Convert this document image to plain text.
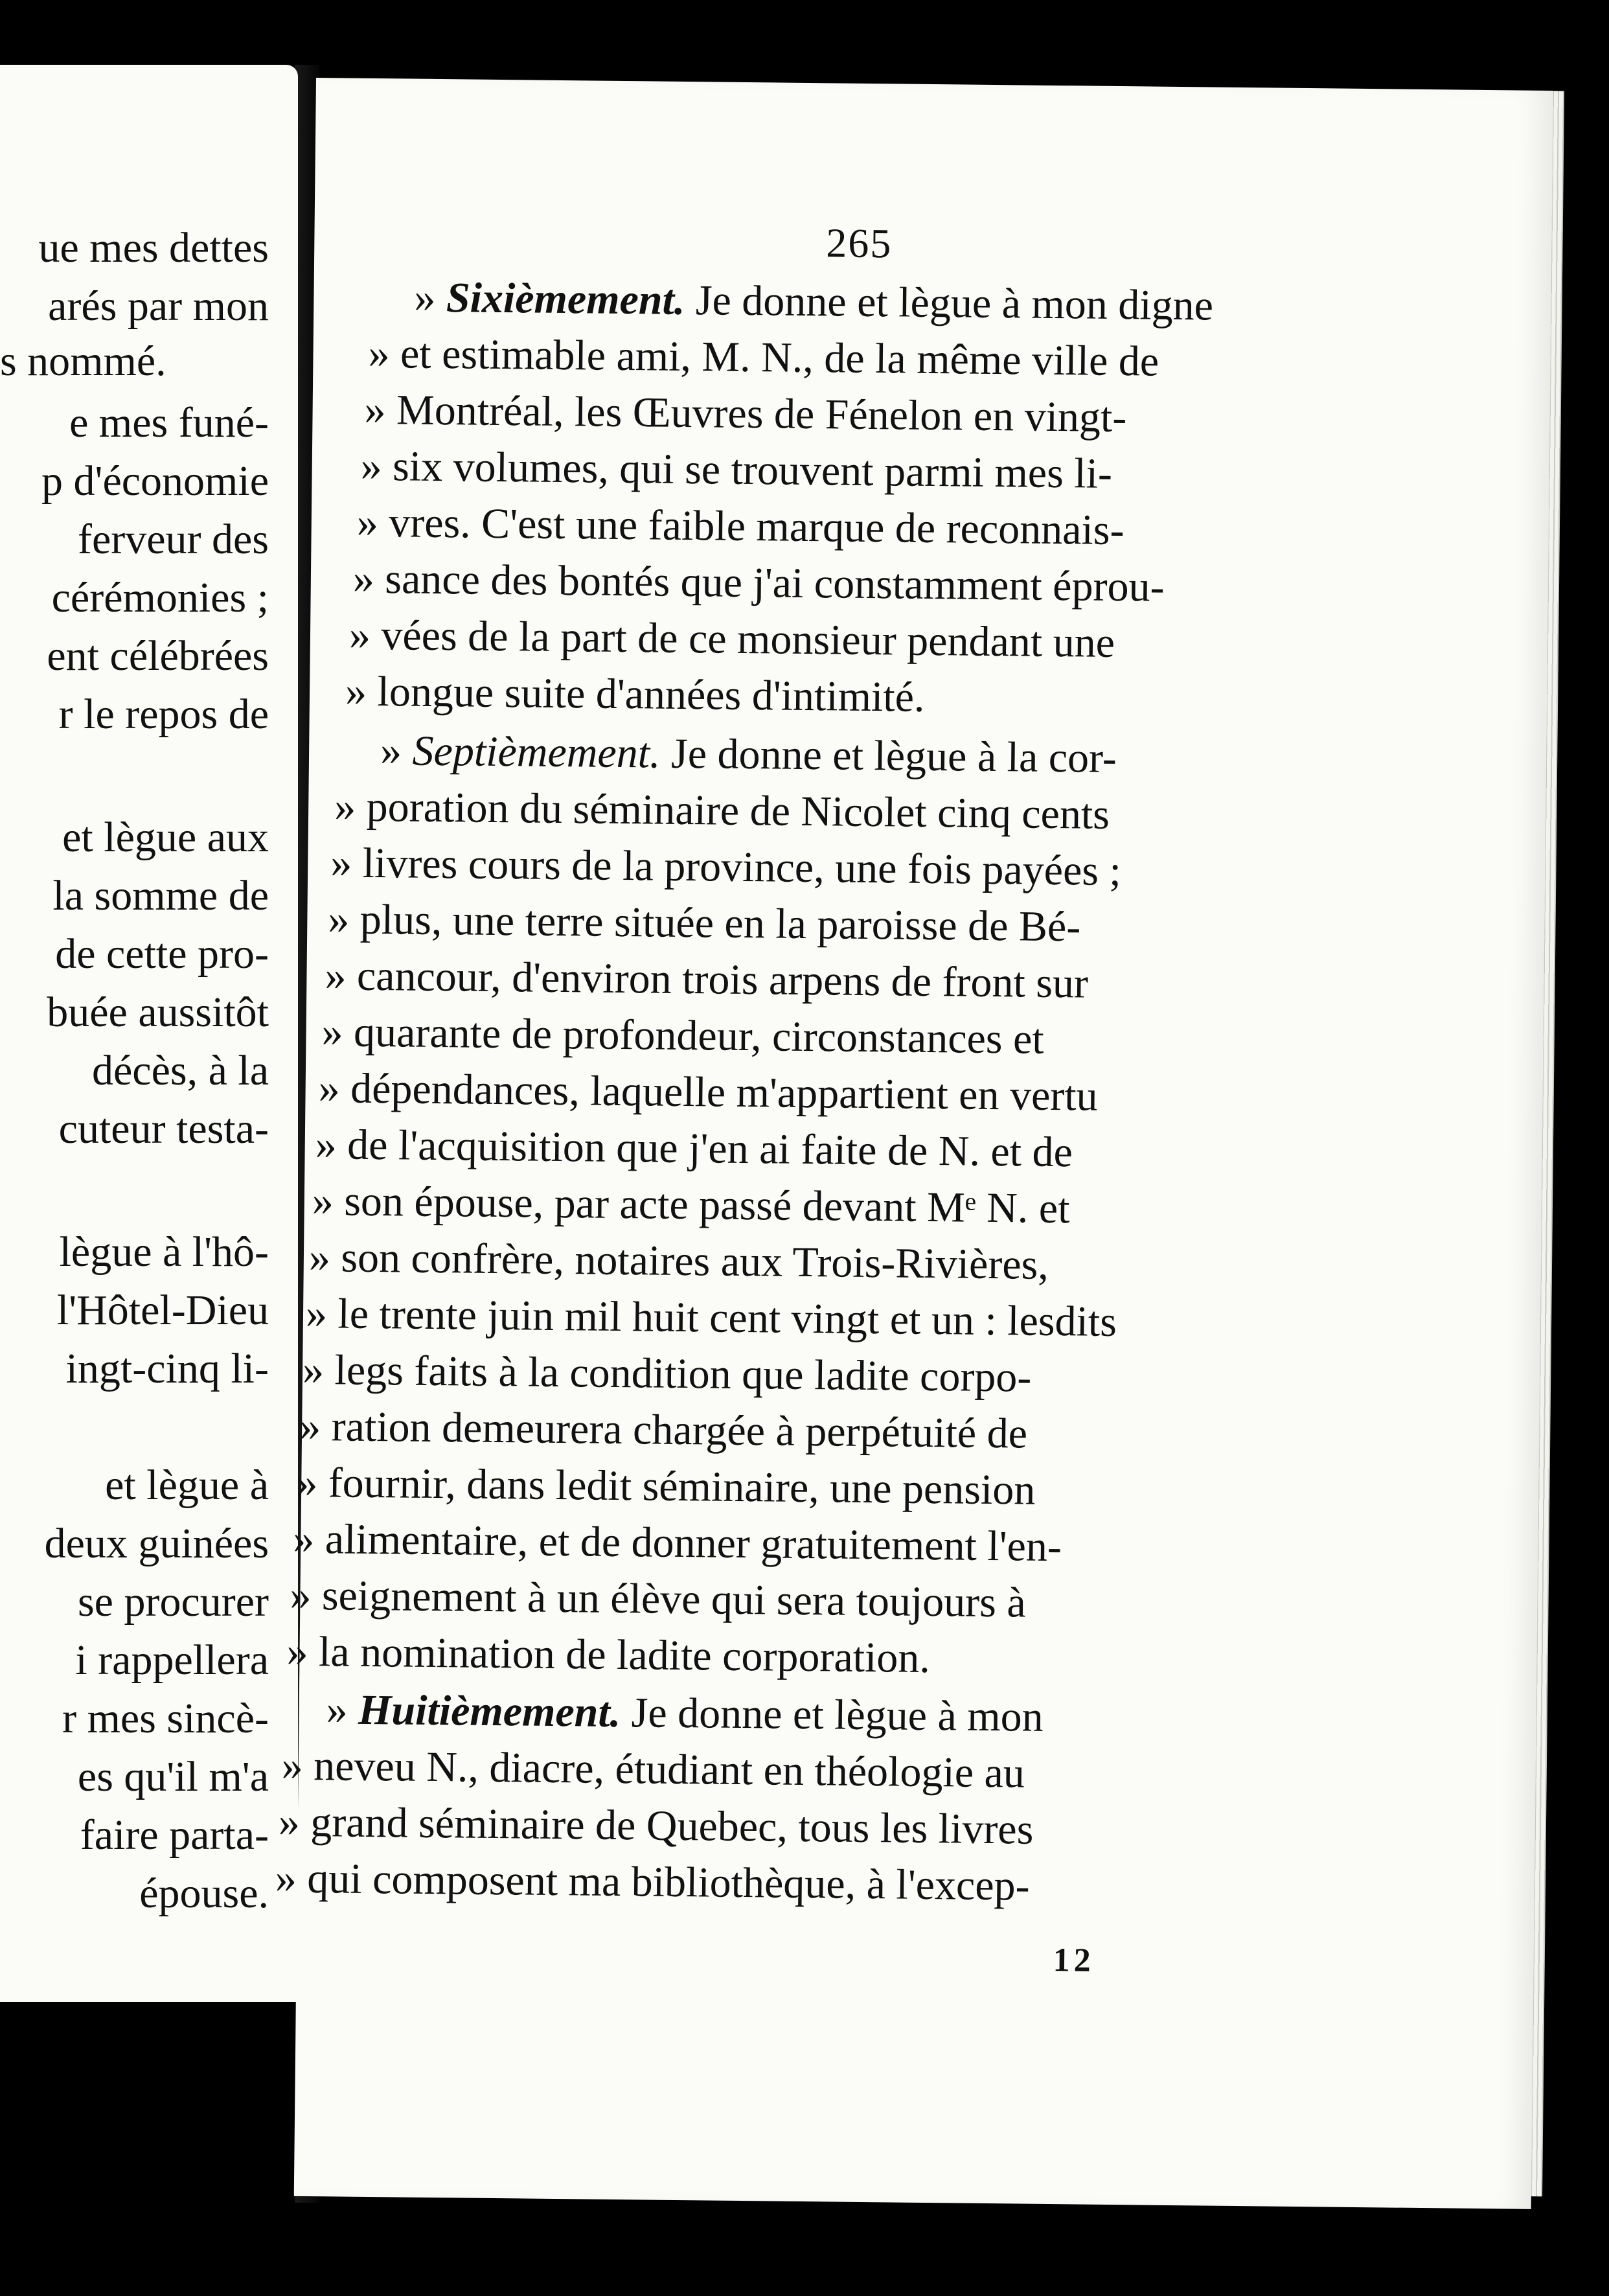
ue mes dettes
arés par mon
s nommé.
e mes funé-
p d'économie
ferveur des
cérémonies ;
ent célébrées
r le repos de
et lègue aux
la somme de
de cette pro-
buée aussitôt
décès, à la
cuteur testa-
lègue à l'hô-
l'Hôtel-Dieu
ingt-cinq li-
et lègue à
deux guinées
se procurer
i rappellera
r mes sincè-
es qu'il m'a
faire parta-
épouse.
265
» Sixièmement. Je donne et lègue à mon digne
» et estimable ami, M. N., de la même ville de
» Montréal, les Œuvres de Fénelon en vingt-
» six volumes, qui se trouvent parmi mes li-
» vres. C'est une faible marque de reconnais-
» sance des bontés que j'ai constamment éprou-
» vées de la part de ce monsieur pendant une
» longue suite d'années d'intimité.
» Septièmement. Je donne et lègue à la cor-
» poration du séminaire de Nicolet cinq cents
» livres cours de la province, une fois payées ;
» plus, une terre située en la paroisse de Bé-
» cancour, d'environ trois arpens de front sur
» quarante de profondeur, circonstances et
» dépendances, laquelle m'appartient en vertu
» de l'acquisition que j'en ai faite de N. et de
» son épouse, par acte passé devant Mᵉ N. et
» son confrère, notaires aux Trois-Rivières,
» le trente juin mil huit cent vingt et un : lesdits
» legs faits à la condition que ladite corpo-
» ration demeurera chargée à perpétuité de
» fournir, dans ledit séminaire, une pension
» alimentaire, et de donner gratuitement l'en-
» seignement à un élève qui sera toujours à
» la nomination de ladite corporation.
» Huitièmement. Je donne et lègue à mon
» neveu N., diacre, étudiant en théologie au
» grand séminaire de Quebec, tous les livres
» qui composent ma bibliothèque, à l'excep-
12
